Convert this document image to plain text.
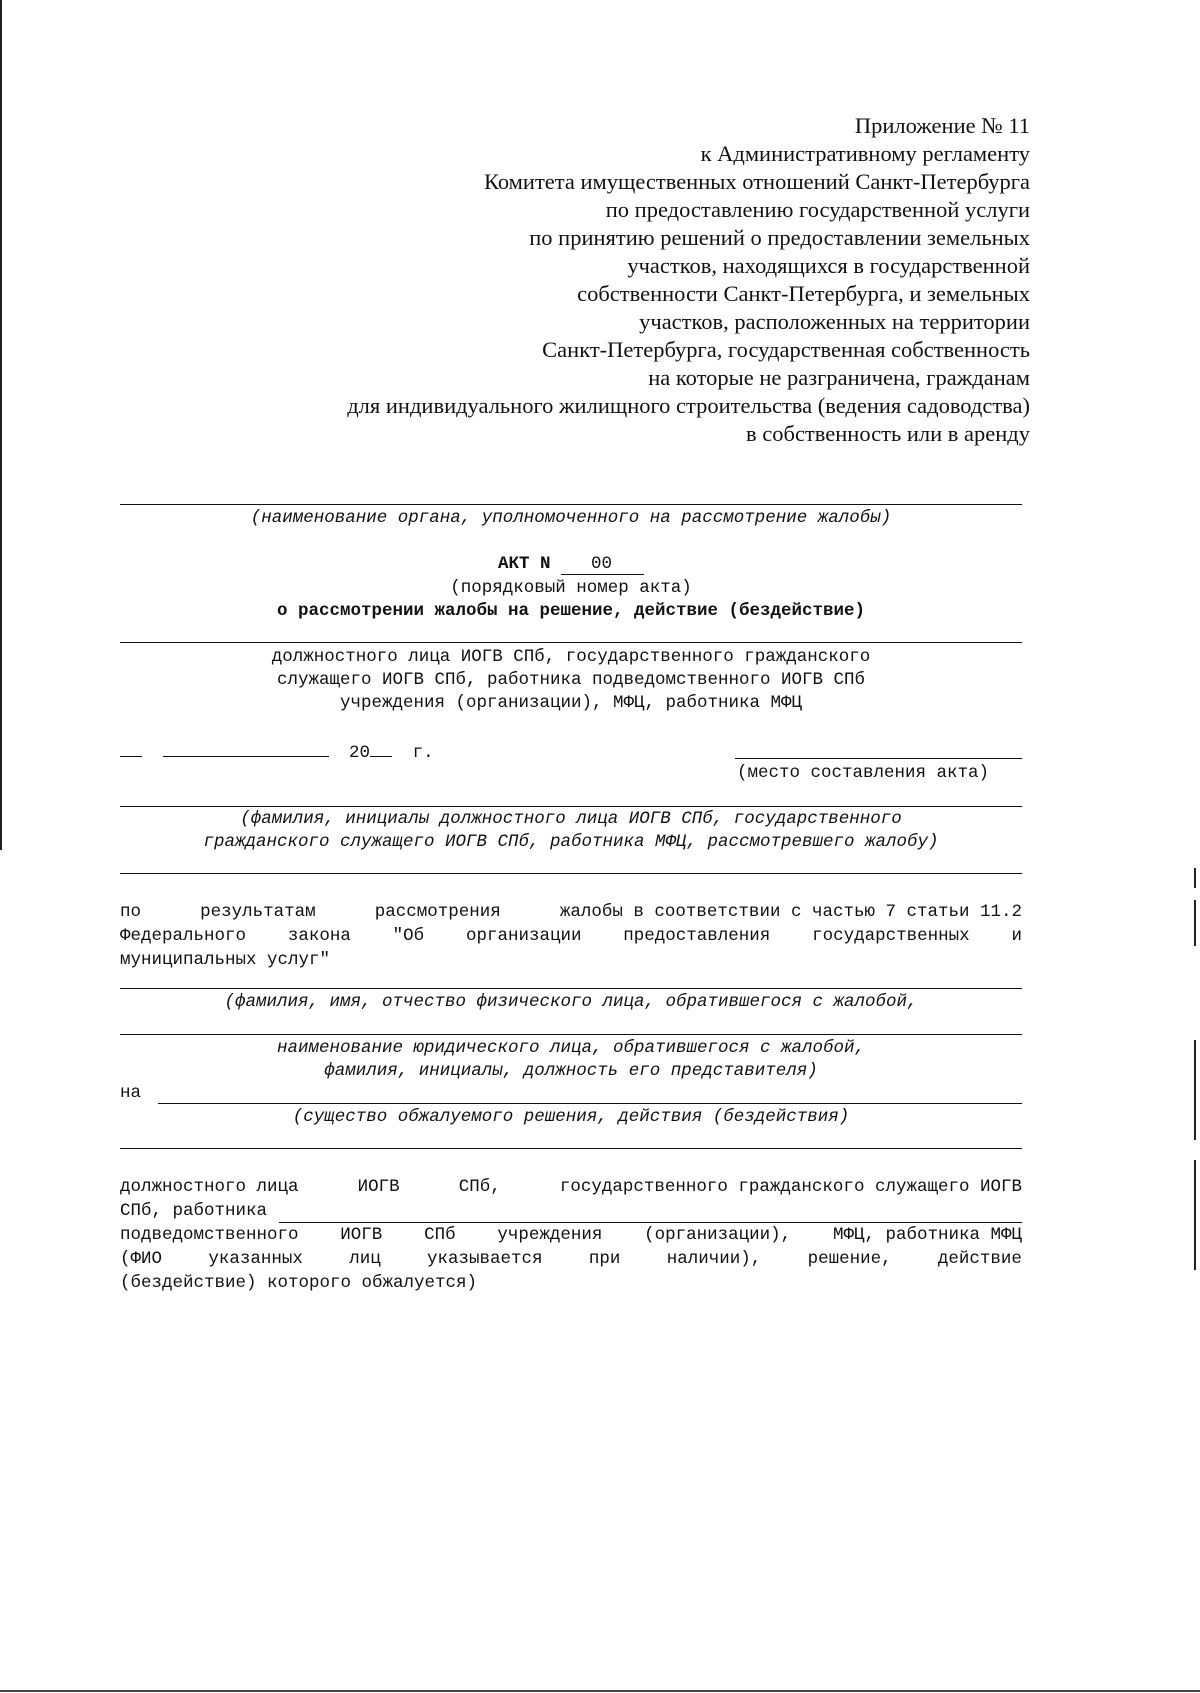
Приложение № 11
к Административному регламенту
Комитета имущественных отношений Санкт-Петербурга
по предоставлению государственной услуги
по принятию решений о предоставлении земельных
участков, находящихся в государственной
собственности Санкт-Петербурга, и земельных
участков, расположенных на территории
Санкт-Петербурга, государственная собственность
на которые не разграничена, гражданам
для индивидуального жилищного строительства (ведения садоводства)
в собственность или в аренду
(наименование органа, уполномоченного на рассмотрение жалобы)
АКТ N 00
(порядковый номер акта)
о рассмотрении жалобы на решение, действие (бездействие)
должностного лица ИОГВ СПб, государственного гражданского
служащего ИОГВ СПб, работника подведомственного ИОГВ СПб
учреждения (организации), МФЦ, работника МФЦ
20 г.
(место составления акта)
(фамилия, инициалы должностного лица ИОГВ СПб, государственного
гражданского служащего ИОГВ СПб, работника МФЦ, рассмотревшего жалобу)
по	результатам	рассмотрения	жалобы в соответствии с частью 7 статьи 11.2
Федерального закона "Об организации предоставления государственных и
муниципальных услуг"
(фамилия, имя, отчество физического лица, обратившегося с жалобой,
наименование юридического лица, обратившегося с жалобой,
фамилия, инициалы, должность его представителя)
на
(существо обжалуемого решения, действия (бездействия)
должностного лица	ИОГВ	СПб,	государственного гражданского служащего ИОГВ
СПб, работника
подведомственного ИОГВ СПб учреждения (организации), МФЦ, работника МФЦ
(ФИО	указанных	лиц	указывается	при	наличии),	решение,	действие
(бездействие) которого обжалуется)
